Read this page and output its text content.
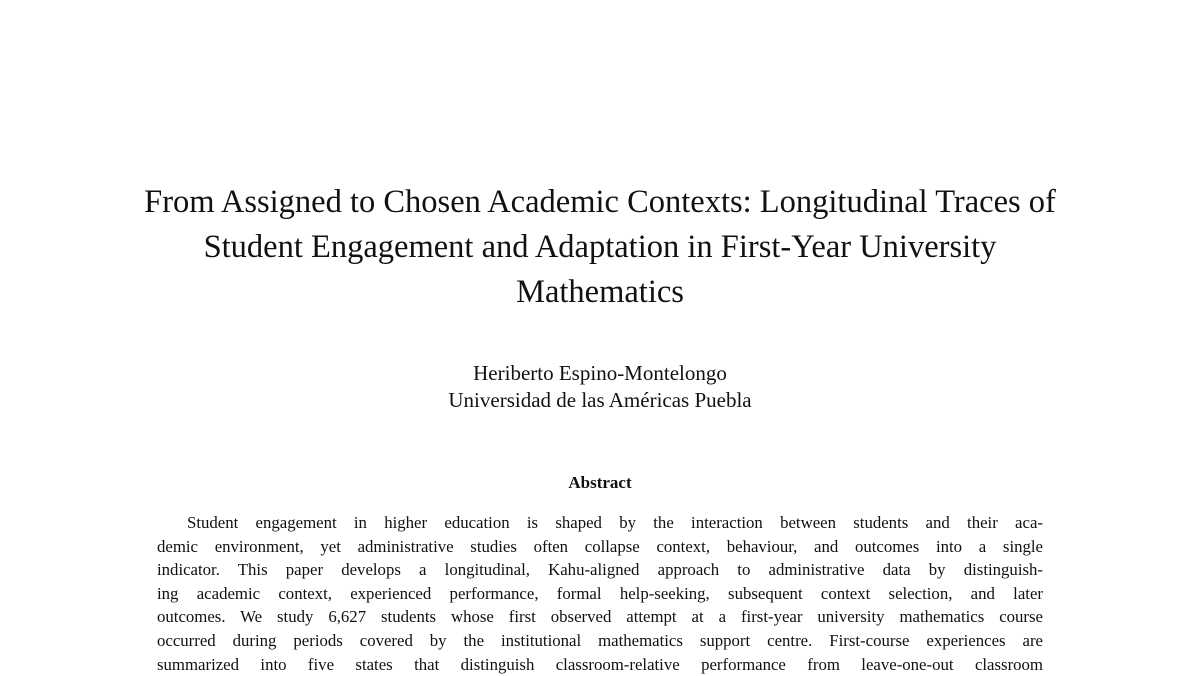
From Assigned to Chosen Academic Contexts: Longitudinal Traces of
Student Engagement and Adaptation in First-Year University
Mathematics
Heriberto Espino-Montelongo
Universidad de las Américas Puebla
Abstract
Student engagement in higher education is shaped by the interaction between students and their aca-
demic environment, yet administrative studies often collapse context, behaviour, and outcomes into a single
indicator. This paper develops a longitudinal, Kahu-aligned approach to administrative data by distinguish-
ing academic context, experienced performance, formal help-seeking, subsequent context selection, and later
outcomes. We study 6,627 students whose first observed attempt at a first-year university mathematics course
occurred during periods covered by the institutional mathematics support centre. First-course experiences are
summarized into five states that distinguish classroom-relative performance from leave-one-out classroom
